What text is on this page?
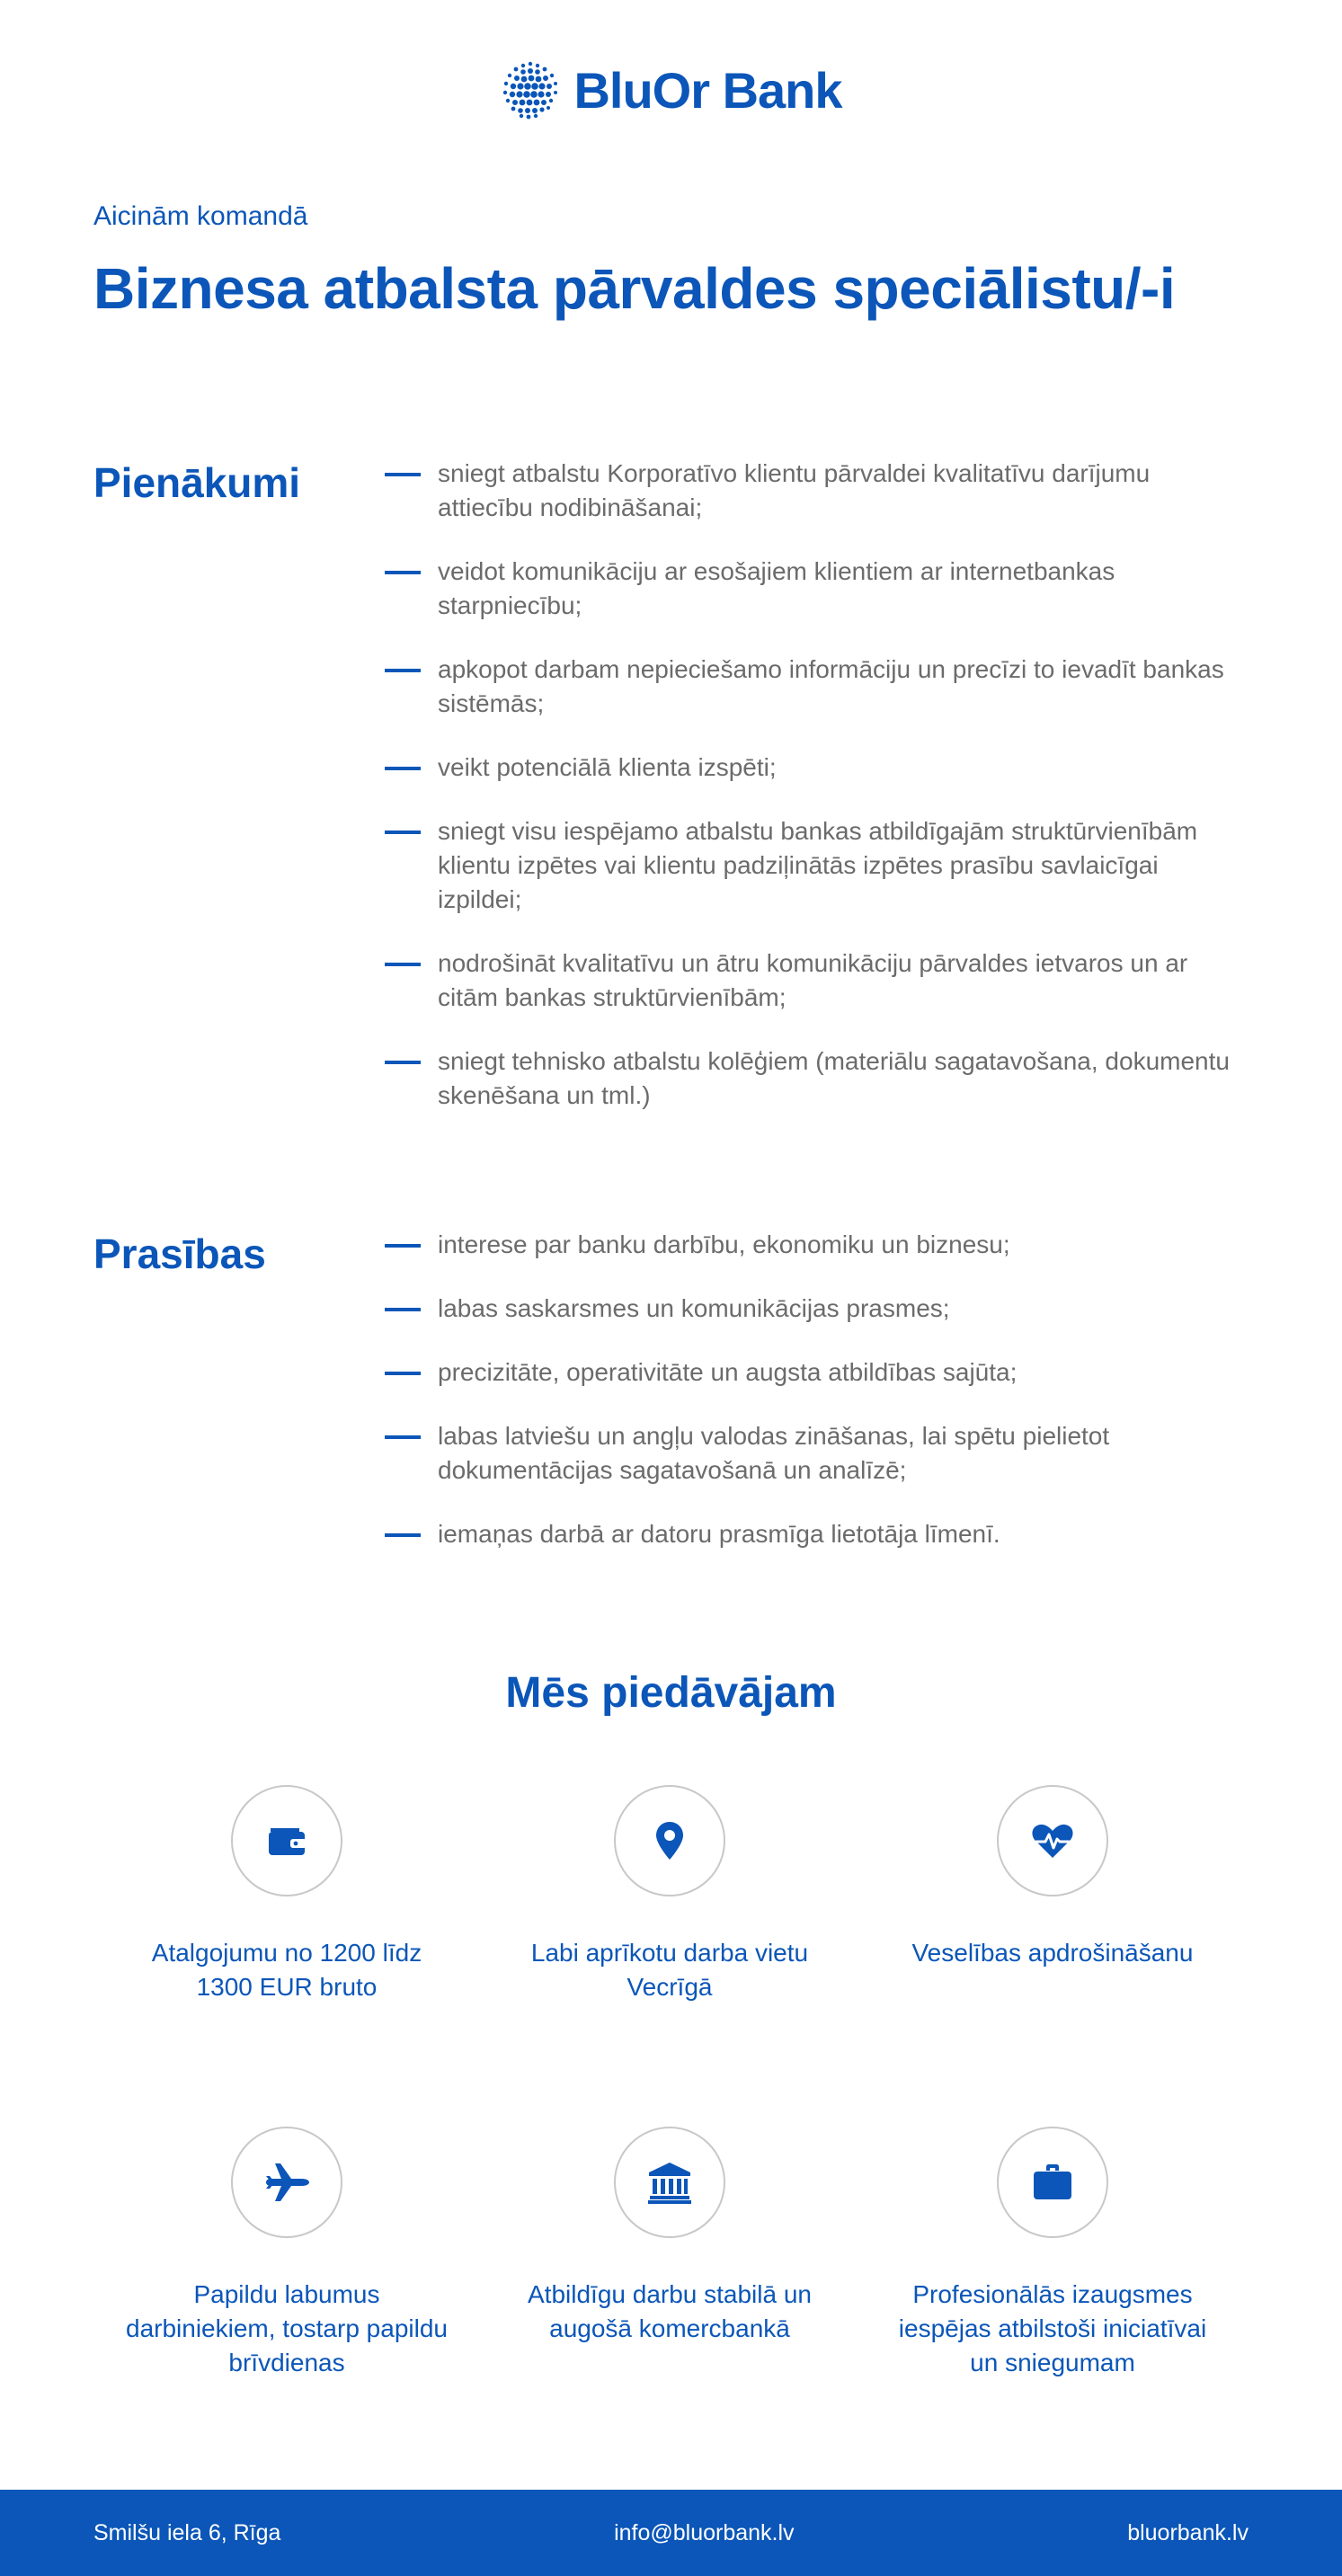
BluOr Bank
Aicinām komandā
Biznesa atbalsta pārvaldes speciālistu/-i
Pienākumi	sniegt atbalstu Korporatīvo klientu pārvaldei kvalitatīvu darījumu attiecību nodibināšanai;
veidot komunikāciju ar esošajiem klientiem ar internetbankas starpniecību;
apkopot darbam nepieciešamo informāciju un precīzi to ievadīt bankas sistēmās;
veikt potenciālā klienta izspēti;
sniegt visu iespējamo atbalstu bankas atbildīgajām struktūrvienībām klientu izpētes vai klientu padziļinātās izpētes prasību savlaicīgai izpildei;
nodrošināt kvalitatīvu un ātru komunikāciju pārvaldes ietvaros un ar citām bankas struktūrvienībām;
sniegt tehnisko atbalstu kolēģiem (materiālu sagatavošana, dokumentu skenēšana un tml.)
Prasības	interese par banku darbību, ekonomiku un biznesu;
labas saskarsmes un komunikācijas prasmes;
precizitāte, operativitāte un augsta atbildības sajūta;
labas latviešu un angļu valodas zināšanas, lai spētu pielietot dokumentācijas sagatavošanā un analīzē;
iemaņas darbā ar datoru prasmīga lietotāja līmenī.
Mēs piedāvājam
Atalgojumu no 1200 līdz 1300 EUR bruto
Labi aprīkotu darba vietu Vecrīgā
Veselības apdrošināšanu
Papildu labumus darbiniekiem, tostarp papildu brīvdienas
Atbildīgu darbu stabilā un augošā komercbankā
Profesionālās izaugsmes iespējas atbilstoši iniciatīvai un sniegumam
Smilšu iela 6, Rīga	info@bluorbank.lv	bluorbank.lv
